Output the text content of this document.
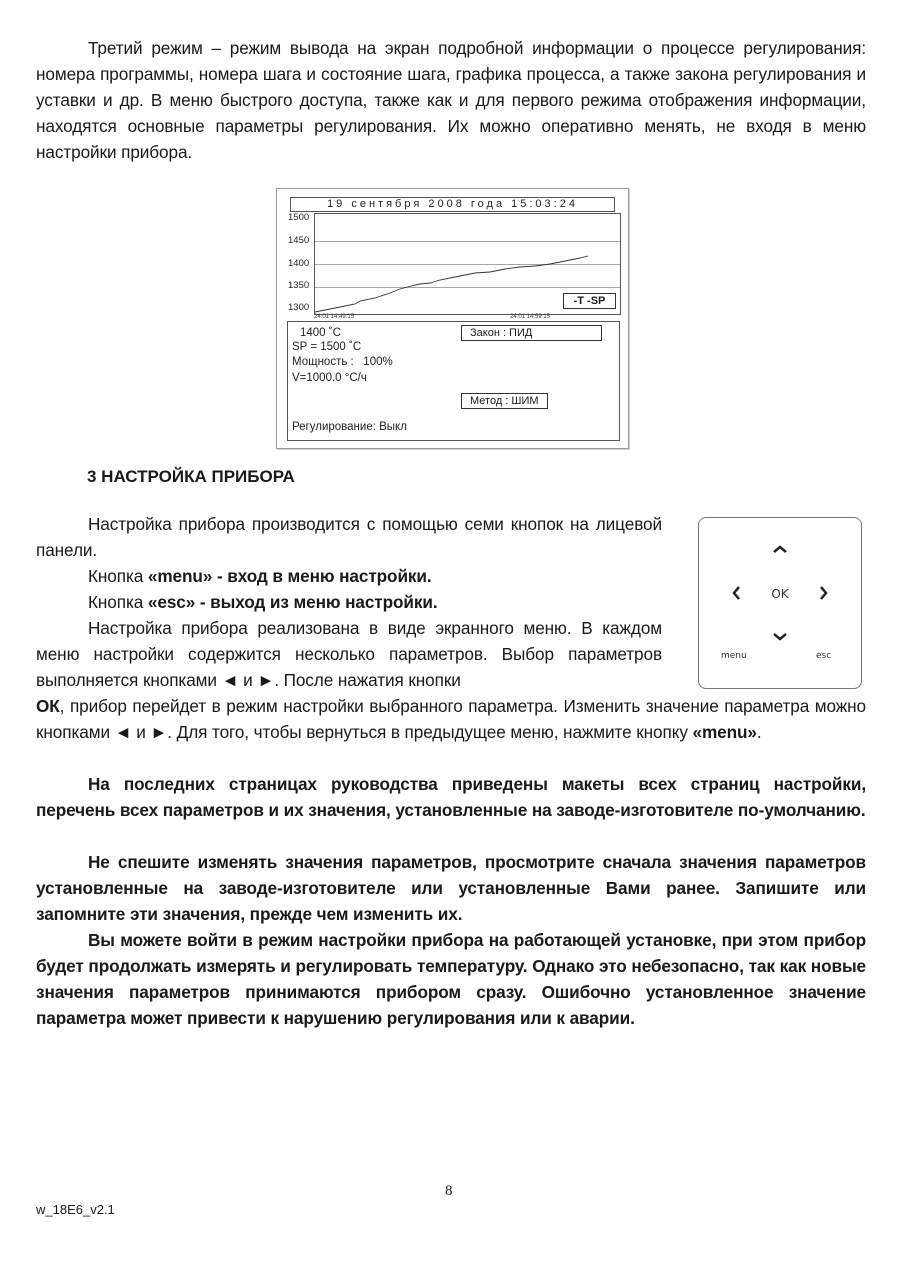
Третий режим – режим вывода на экран подробной информации о процессе регулирования: номера программы, номера шага и состояние шага, графика процесса, а также закона регулирования и уставки и др. В меню быстрого доступа, также как и для первого режима отображения информации, находятся основные параметры регулирования. Их можно оперативно менять, не входя в меню настройки прибора.

19 сентября 2008 года 15:03:24
1500
1450
1400
1350
1300
24:01 14:49:15	24:01 14:59:15
-T -SP
1400 ˚С
SP = 1500 ˚С
Мощность :   100%
V=1000.0 °С/ч
Регулирование: Выкл
Закон : ПИД
Метод : ШИМ
3 НАСТРОЙКА ПРИБОРА

Настройка прибора производится с помощью семи кнопок на лицевой панели.

Кнопка «menu» - вход в меню настройки.

Кнопка «esc» - выход из меню настройки.

Настройка прибора реализована в виде экранного меню. В каждом меню настройки содержится несколько параметров. Выбор параметров выполняется кнопками ◄ и ►. После нажатия кнопки

ОК, прибор перейдет в режим настройки выбранного параметра. Изменить значение параметра можно кнопками ◄ и ►. Для того, чтобы вернуться в предыдущее меню, нажмите кнопку «menu».

OK
menu	esc

На последних страницах руководства приведены макеты всех страниц настройки, перечень всех параметров и их значения, установленные на заводе-изготовителе по-умолчанию.

Не спешите изменять значения параметров, просмотрите сначала значения параметров установленные на заводе-изготовителе или установленные Вами ранее. Запишите или запомните эти значения, прежде чем изменить их.

Вы можете войти в режим настройки прибора на работающей установке, при этом прибор будет продолжать измерять и регулировать температуру. Однако это небезопасно, так как новые значения параметров принимаются прибором сразу. Ошибочно установленное значение параметра может привести к нарушению регулирования или к аварии.

8
w_18E6_v2.1
